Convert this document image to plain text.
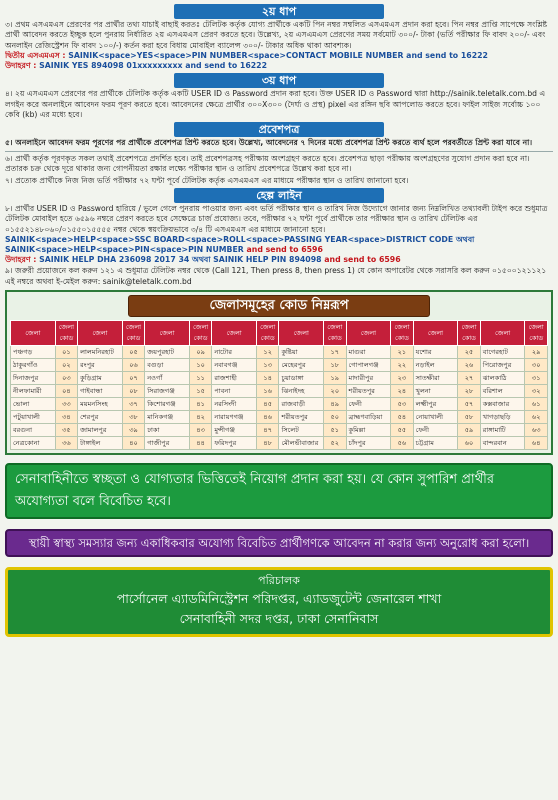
২য় ধাপ
৩। প্রথম এসএমএস প্রেরণের পর প্রার্থীর তথ্য যাচাই বাছাই করতঃ টেলিটক কর্তৃক যোগ্য প্রার্থীকে একটি পিন নম্বর সম্বলিত এসএমএস প্রদান করা হবে। পিন নম্বর প্রাপ্তি সাপেক্ষে সংশ্লিষ্ট প্রার্থী আবেদন করতে ইচ্ছুক হলে পুনরায় নির্ধারিত ২য় এসএমএস প্রেরণ করতে হবে। উল্লেখ্য, ২য় এসএমএস প্রেরণের সময় সর্বমোট ৩০০/- টাকা (ভর্তি পরীক্ষার ফি বাবদ ২০০/- এবং অনলাইন রেজিস্ট্রেশন ফি বাবদ ১০০/-) কর্তন করা হবে বিধায় মোবাইল ব্যালেন্স ৩০০/- টাকার অধিক থাকা আবশ্যক।
দ্বিতীয় এসএমএস : SAINIK<space>YES<space>PIN NUMBER<space>CONTACT MOBILE NUMBER and send to 16222
উদাহরণ : SAINIK YES 894098 01xxxxxxxxx and send to 16222
৩য় ধাপ
৪। ২য় এসএমএস প্রেরণের পর প্রার্থীকে টেলিটক কর্তৃক একটি USER ID ও Password প্রদান করা হবে। উক্ত USER ID ও Password দ্বারা http://sainik.teletalk.com.bd এ লগইন করে অনলাইনে আবেদন ফরম পূরণ করতে হবে। আবেদনের ক্ষেত্রে প্রার্থীর ৩০০X৩০০ (দৈর্ঘ্য ও প্রস্থ) pixel এর রঙ্গিন ছবি আপলোড করতে হবে। ফাইল সাইজ সর্বোচ্চ ১০০ কেবি (kb) এর মধ্যে হবে।
প্রবেশপত্র
৫। অনলাইনে আবেদন ফরম পূরণের পর প্রার্থীকে প্রবেশপত্র প্রিন্ট করতে হবে। উল্লেখ্য, আবেদনের ৭ দিনের মধ্যে প্রবেশপত্র প্রিন্ট করতে ব্যর্থ হলে পরবর্তীতে প্রিন্ট করা যাবে না।
৬। প্রার্থী কর্তৃক পূরণকৃত সকল তথ্যই প্রবেশপত্রে প্রদর্শিত হবে। তাই প্রবেশপত্রসহ পরীক্ষায় অংশগ্রহণ করতে হবে। প্রবেশপত্র ছাড়া পরীক্ষায় অংশগ্রহণের সুযোগ প্রদান করা হবে না। প্রতারক চক্র থেকে দূরে থাকার জন্য গোপনীয়তা রক্ষার লক্ষ্যে পরীক্ষার স্থান ও তারিখ প্রবেশপত্রে উল্লেখ করা হবে না।
৭। প্রত্যেক প্রার্থীকে নিজ নিজ ভর্তি পরীক্ষার ৭২ ঘন্টা পূর্বে টেলিটক কর্তৃক এসএমএস এর মাধ্যমে পরীক্ষার স্থান ও তারিখ জানানো হবে।
হেল্প লাইন
৮। প্রার্থীর USER ID ও Password হারিয়ে / ভুলে গেলে পুনরায় পাওয়ার জন্য এবং ভর্তি পরীক্ষার স্থান ও তারিখ নিজ উদ্যোগে জানার জন্য নিম্নলিখিত তথ্যাবলী টাইপ করে শুধুমাত্র টেলিটক মোবাইল হতে ৬৫৯৬ নম্বরে প্রেরণ করতে হবে সেক্ষেত্রে চার্জ প্রযোজ্য। তবে, পরীক্ষার ৭২ ঘন্টা পূর্বে প্রার্থীকে তার পরীক্ষার স্থান ও তারিখ টেলিটক এর ০১৫৫২১৪৮০৬০/০১৫৫০১৫৫৫৫ নম্বর থেকে স্বয়ংক্রিয়ভাবে ৩/৪ টি এসএমএস এর মাধ্যমে জানানো হবে।
SAINIK<space>HELP<space>SSC BOARD<space>ROLL<space>PASSING YEAR<space>DISTRICT CODE অথবা
SAINIK<space>HELP<space>PIN<space>PIN NUMBER and send to 6596
উদাহরণ : SAINIK HELP DHA 236098 2017 34 অথবা SAINIK HELP PIN 894098 and send to 6596
৯। জরুরী প্রয়োজনে কল করুন ১২১ এ শুধুমাত্র টেলিটক নম্বর থেকে (Call 121, Then press 8, then press 1) যে কোন অপারেটর থেকে সরাসরি কল করুন ০১৫০০১২১১২১ এই নম্বরে অথবা ই-মেইল করুন: sainik@teletalk.com.bd
জেলাসমূহের কোড নিম্নরূপ
জেলা	জেলা কোড	জেলা	জেলা কোড	জেলা	জেলা কোড	জেলা	জেলা কোড	জেলা	জেলা কোড	জেলা	জেলা কোড	জেলা	জেলা কোড	জেলা	জেলা কোড
পঞ্চগড়	০১	লালমনিরহাট	০৫	জয়পুরহাট	০৯	নাটোর	১২	কুষ্টিয়া	১৭	মাগুরা	২১	যশোর	২৫	বাগেরহাট	২৯
ঠাকুরগাঁও	০২	রংপুর	০৬	বগুড়া	১০	নবাবগঞ্জ	১৩	মেহেরপুর	১৮	গোপালগঞ্জ	২২	নড়াইল	২৬	পিরোজপুর	৩০
দিনাজপুর	০৩	কুড়িগ্রাম	০৭	নওগাঁ	১১	রাজশাহী	১৪	চুয়াডাঙ্গা	১৯	মাদারীপুর	২৩	সাতক্ষীরা	২৭	ঝালকাঠি	৩১
নীলফামারী	০৪	গাইবান্ধা	০৮	সিরাজগঞ্জ	১৫	পাবনা	১৬	ঝিনাইদহ	২০	শরীয়তপুর	২৪	খুলনা	২৮	বরিশাল	৩২
ভোলা	৩৩	ময়মনসিংহ	৩৭	কিশোরগঞ্জ	৪১	নরসিংদী	৪৫	রাজবাড়ী	৪৯	ফেনী	৫৩	লক্ষ্মীপুর	৫৭	কক্সবাজার	৬১
পটুয়াখালী	৩৪	শেরপুর	৩৮	মানিকগঞ্জ	৪২	নারায়ণগঞ্জ	৪৬	শরীয়তপুর	৫০	ব্রাহ্মণবাড়িয়া	৫৪	নোয়াখালী	৫৮	খাগড়াছড়ি	৬২
বরগুনা	৩৫	জামালপুর	৩৯	ঢাকা	৪৩	মুন্সীগঞ্জ	৪৭	সিলেট	৫১	কুমিল্লা	৫৫	ফেনী	৫৯	রাঙ্গামাটি	৬৩
নেত্রকোনা	৩৬	টাঙ্গাইল	৪০	গাজীপুর	৪৪	ফরিদপুর	৪৮	মৌলভীবাজার	৫২	চাঁদপুর	৫৬	চট্টগ্রাম	৬০	বান্দরবান	৬৪
সেনাবাহিনীতে স্বচ্ছতা ও যোগ্যতার ভিত্তিতেই নিয়োগ প্রদান করা হয়। যে কোন সুপারিশ প্রার্থীর অযোগ্যতা বলে বিবেচিত হবে।
স্থায়ী স্বাস্থ্য সমস্যার জন্য একাধিকবার অযোগ্য বিবেচিত প্রার্থীগণকে আবেদন না করার জন্য অনুরোধ করা হলো।
পরিচালক
পার্সোনেল এ্যাডমিনিস্ট্রেশন পরিদপ্তর, এ্যাডজুটেন্ট জেনারেল শাখা
সেনাবাহিনী সদর দপ্তর, ঢাকা সেনানিবাস
